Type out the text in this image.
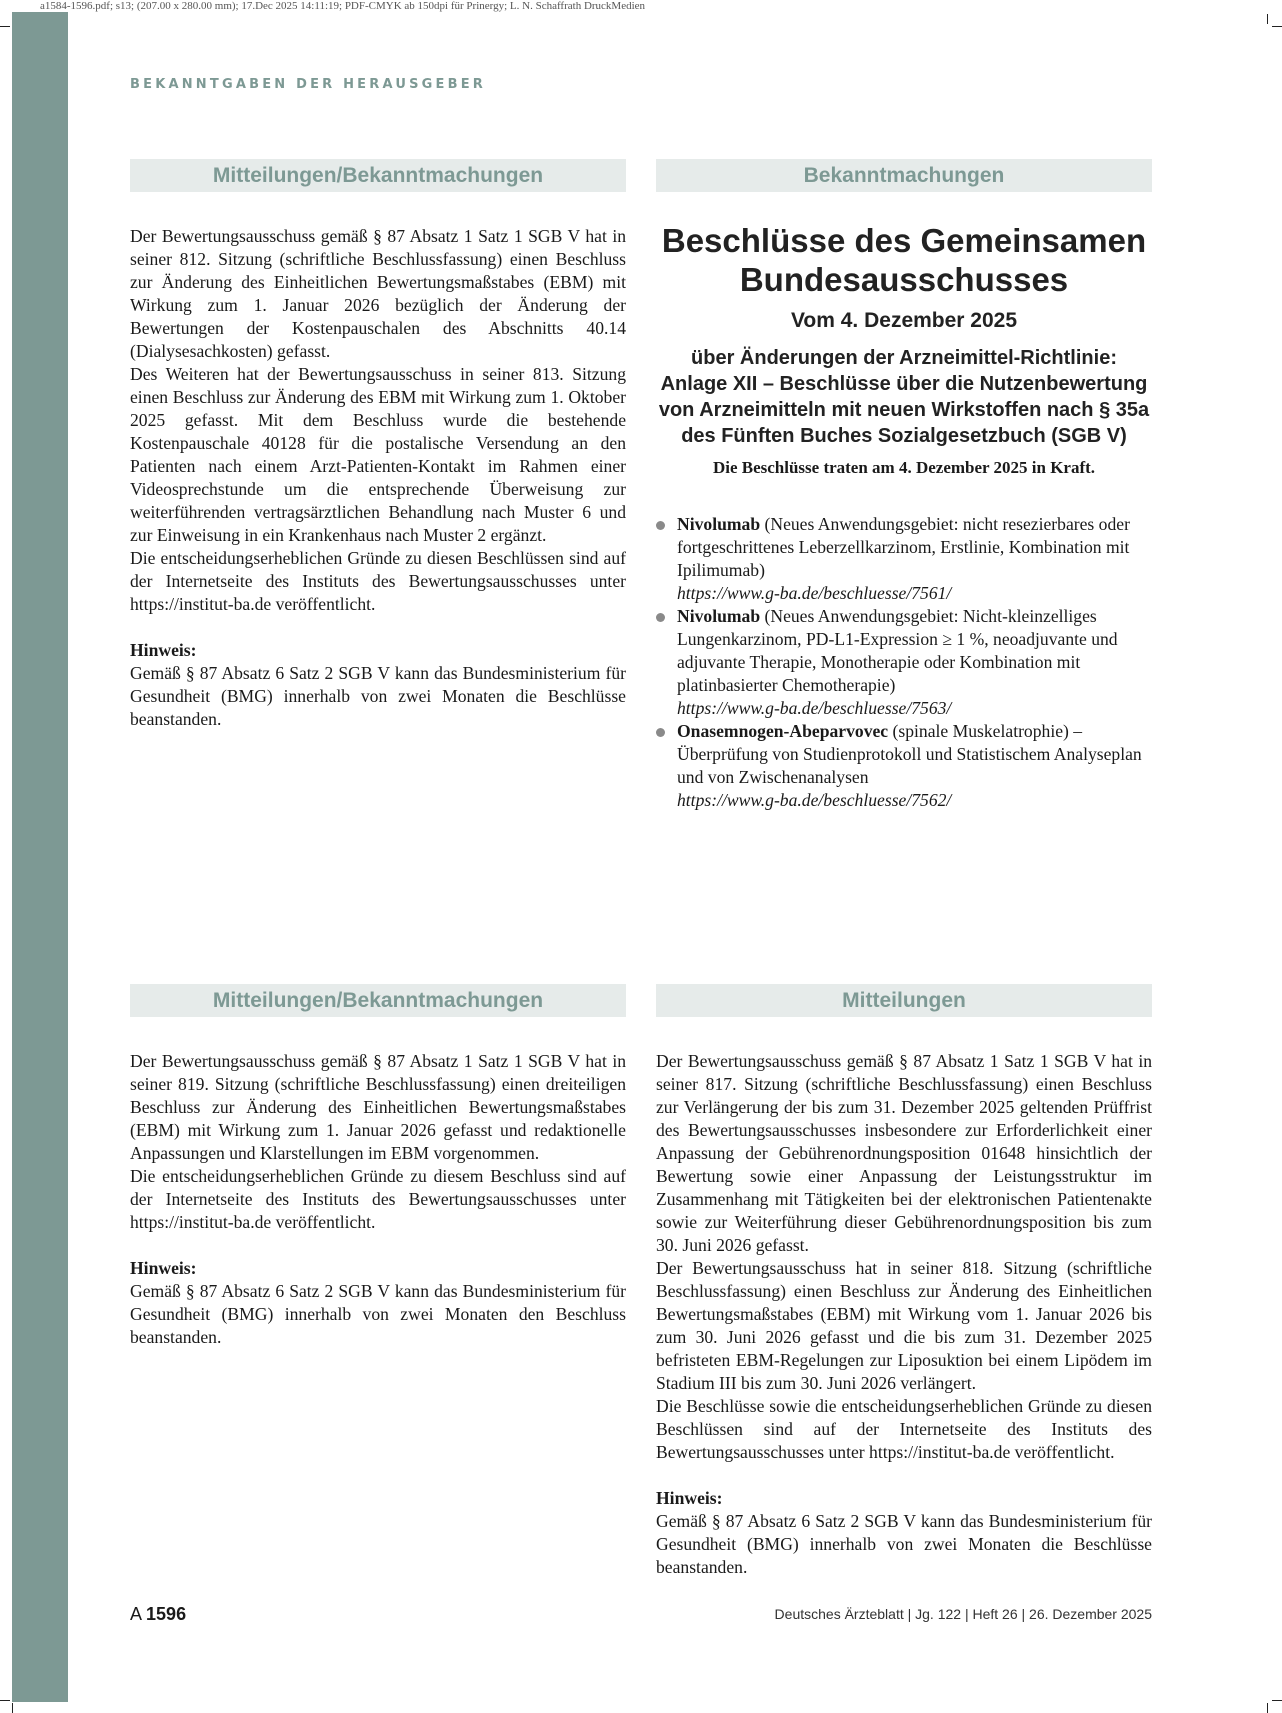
a1584-1596.pdf; s13; (207.00 x 280.00 mm); 17.Dec 2025 14:11:19; PDF-CMYK ab 150dpi für Prinergy; L. N. Schaffrath DruckMedien
BEKANNTGABEN DER HERAUSGEBER
Mitteilungen/Bekanntmachungen

Der Bewertungsausschuss gemäß § 87 Absatz 1 Satz 1 SGB V hat in seiner 812. Sitzung (schriftliche Beschlussfassung) einen Beschluss zur Änderung des Einheitlichen Bewertungsmaßstabes (EBM) mit Wirkung zum 1. Januar 2026 bezüglich der Änderung der Bewertungen der Kostenpauschalen des Abschnitts 40.14 (Dialysesachkosten) gefasst.

Des Weiteren hat der Bewertungsausschuss in seiner 813. Sitzung einen Beschluss zur Änderung des EBM mit Wirkung zum 1. Oktober 2025 gefasst. Mit dem Beschluss wurde die bestehende Kostenpauschale 40128 für die postalische Versendung an den Patienten nach einem Arzt-Patienten-Kontakt im Rahmen einer Videosprechstunde um die entsprechende Überweisung zur weiterführenden vertragsärztlichen Behandlung nach Muster 6 und zur Einweisung in ein Krankenhaus nach Muster 2 ergänzt.

Die entscheidungserheblichen Gründe zu diesen Beschlüssen sind auf der Internetseite des Instituts des Bewertungsausschusses unter https://institut-ba.de veröffentlicht.

Hinweis:

Gemäß § 87 Absatz 6 Satz 2 SGB V kann das Bundesministerium für Gesundheit (BMG) innerhalb von zwei Monaten die Beschlüsse beanstanden.

Bekanntmachungen

Beschlüsse des Gemeinsamen Bundesausschusses

Vom 4. Dezember 2025

über Änderungen der Arzneimittel-Richtlinie: Anlage XII – Beschlüsse über die Nutzenbewertung von Arzneimitteln mit neuen Wirkstoffen nach § 35a des Fünften Buches Sozialgesetzbuch (SGB V)

Die Beschlüsse traten am 4. Dezember 2025 in Kraft.

Nivolumab (Neues Anwendungsgebiet: nicht resezierbares oder fortgeschrittenes Leberzellkarzinom, Erstlinie, Kombination mit Ipilimumab)
https://www.g-ba.de/beschluesse/7561/
Nivolumab (Neues Anwendungsgebiet: Nicht-kleinzelliges Lungenkarzinom, PD-L1-Expression ≥ 1 %, neoadjuvante und adjuvante Therapie, Monotherapie oder Kombination mit platinbasierter Chemotherapie)
https://www.g-ba.de/beschluesse/7563/
Onasemnogen-Abeparvovec (spinale Muskelatrophie) – Überprüfung von Studienprotokoll und Statistischem Analyseplan und von Zwischenanalysen
https://www.g-ba.de/beschluesse/7562/
Mitteilungen/Bekanntmachungen

Der Bewertungsausschuss gemäß § 87 Absatz 1 Satz 1 SGB V hat in seiner 819. Sitzung (schriftliche Beschlussfassung) einen dreiteiligen Beschluss zur Änderung des Einheitlichen Bewertungsmaßstabes (EBM) mit Wirkung zum 1. Januar 2026 gefasst und redaktionelle Anpassungen und Klarstellungen im EBM vorgenommen.

Die entscheidungserheblichen Gründe zu diesem Beschluss sind auf der Internetseite des Instituts des Bewertungsausschusses unter https://institut-ba.de veröffentlicht.

Hinweis:

Gemäß § 87 Absatz 6 Satz 2 SGB V kann das Bundesministerium für Gesundheit (BMG) innerhalb von zwei Monaten den Beschluss beanstanden.

Mitteilungen

Der Bewertungsausschuss gemäß § 87 Absatz 1 Satz 1 SGB V hat in seiner 817. Sitzung (schriftliche Beschlussfassung) einen Beschluss zur Verlängerung der bis zum 31. Dezember 2025 geltenden Prüffrist des Bewertungsausschusses insbesondere zur Erforderlichkeit einer Anpassung der Gebührenordnungsposition 01648 hinsichtlich der Bewertung sowie einer Anpassung der Leistungsstruktur im Zusammenhang mit Tätigkeiten bei der elektronischen Patientenakte sowie zur Weiterführung dieser Gebührenordnungsposition bis zum 30. Juni 2026 gefasst.

Der Bewertungsausschuss hat in seiner 818. Sitzung (schriftliche Beschlussfassung) einen Beschluss zur Änderung des Einheitlichen Bewertungsmaßstabes (EBM) mit Wirkung vom 1. Januar 2026 bis zum 30. Juni 2026 gefasst und die bis zum 31. Dezember 2025 befristeten EBM-Regelungen zur Liposuktion bei einem Lipödem im Stadium III bis zum 30. Juni 2026 verlängert.

Die Beschlüsse sowie die entscheidungserheblichen Gründe zu diesen Beschlüssen sind auf der Internetseite des Instituts des Bewertungsausschusses unter https://institut-ba.de veröffentlicht.

Hinweis:

Gemäß § 87 Absatz 6 Satz 2 SGB V kann das Bundesministerium für Gesundheit (BMG) innerhalb von zwei Monaten die Beschlüsse beanstanden.

A 1596	Deutsches Ärzteblatt | Jg. 122 | Heft 26 | 26. Dezember 2025
